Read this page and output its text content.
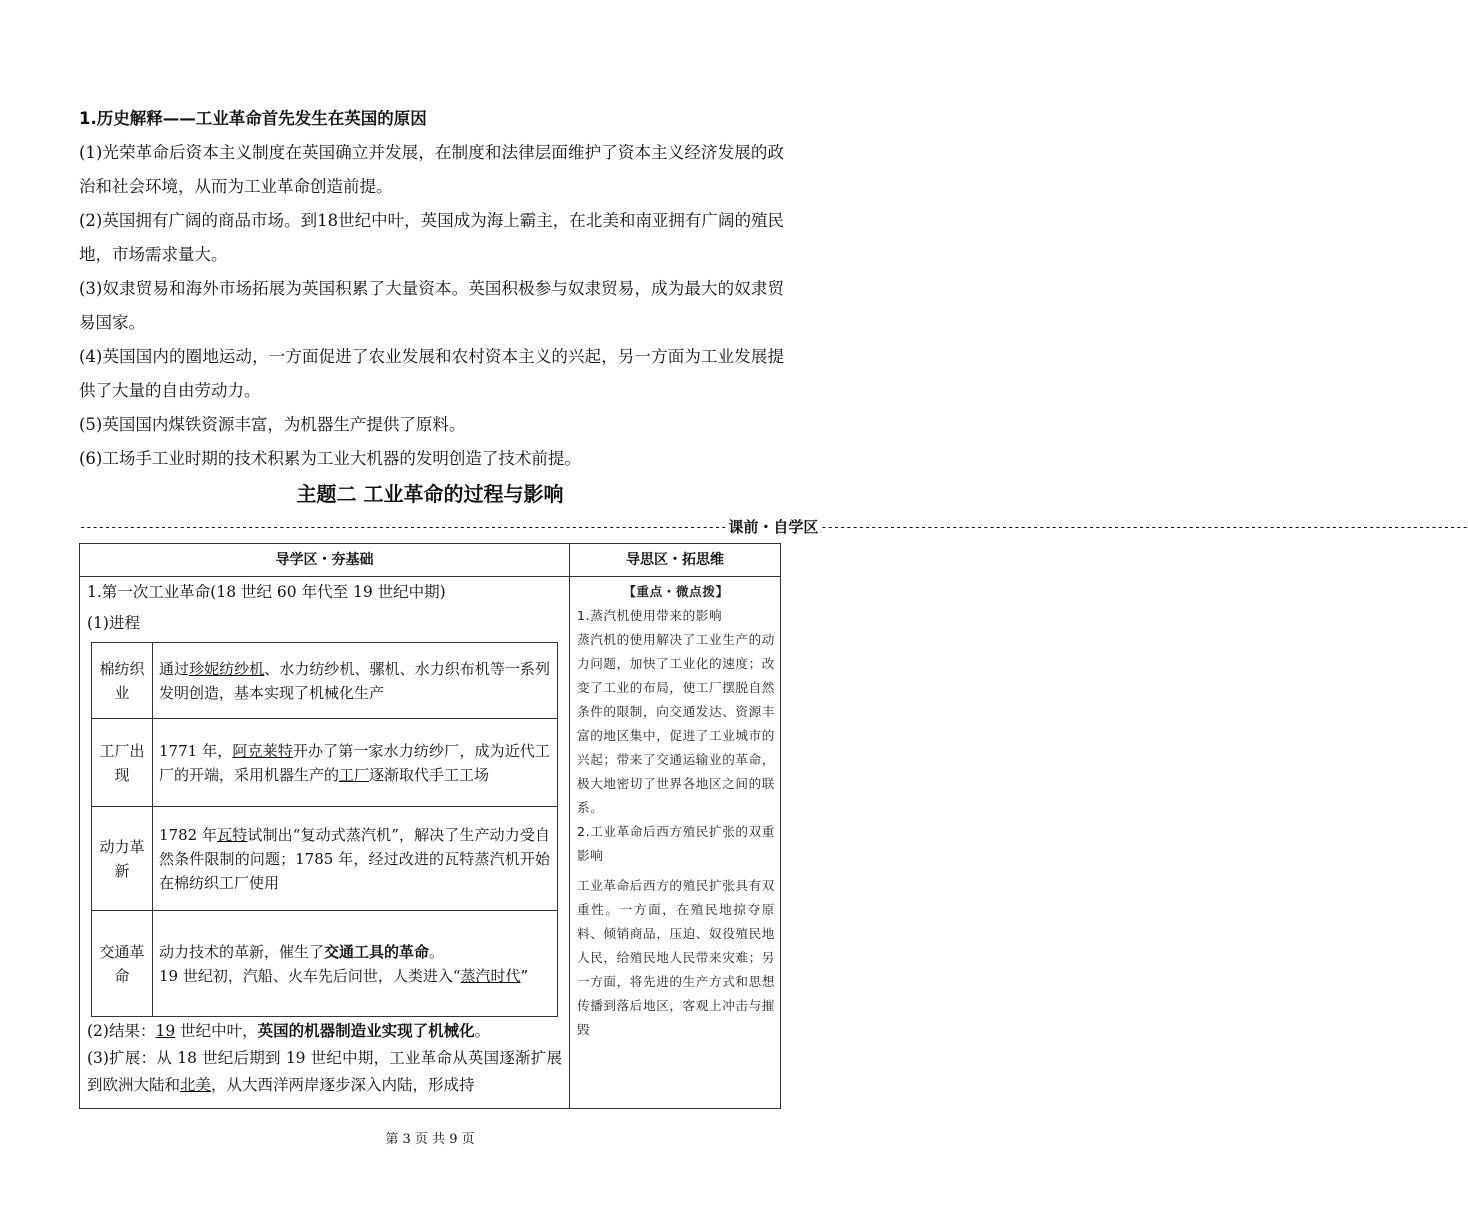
1.历史解释——工业革命首先发生在英国的原因

(1)光荣革命后资本主义制度在英国确立并发展，在制度和法律层面维护了资本主义经济发展的政治和社会环境，从而为工业革命创造前提。

(2)英国拥有广阔的商品市场。到18世纪中叶，英国成为海上霸主，在北美和南亚拥有广阔的殖民地，市场需求量大。

(3)奴隶贸易和海外市场拓展为英国积累了大量资本。英国积极参与奴隶贸易，成为最大的奴隶贸易国家。

(4)英国国内的圈地运动，一方面促进了农业发展和农村资本主义的兴起，另一方面为工业发展提供了大量的自由劳动力。

(5)英国国内煤铁资源丰富，为机器生产提供了原料。

(6)工场手工业时期的技术积累为工业大机器的发明创造了技术前提。

主题二 工业革命的过程与影响
-------------------------------------------------------------------------------------------------------- 课前・自学区 --------------------------------------------------------------------------------------------------------
导学区・夯基础	导思区・拓思维
1.第一次工业革命(18 世纪 60 年代至 19 世纪中期)
(1)进程
棉纺织业	通过珍妮纺纱机、水力纺纱机、骡机、水力织布机等一系列发明创造，基本实现了机械化生产
工厂出现	1771 年，阿克莱特开办了第一家水力纺纱厂，成为近代工厂的开端，采用机器生产的工厂逐渐取代手工工场
动力革新	1782 年瓦特试制出“复动式蒸汽机”，解决了生产动力受自然条件限制的问题；1785 年，经过改进的瓦特蒸汽机开始在棉纺织工厂使用
交通革命	动力技术的革新，催生了交通工具的革命。
19 世纪初，汽船、火车先后问世，人类进入“蒸汽时代”
(2)结果：19 世纪中叶，英国的机器制造业实现了机械化。
(3)扩展：从 18 世纪后期到 19 世纪中期，工业革命从英国逐渐扩展到欧洲大陆和北美，从大西洋两岸逐步深入内陆，形成持
【重点・微点拨】

1.蒸汽机使用带来的影响

蒸汽机的使用解决了工业生产的动力问题，加快了工业化的速度；改变了工业的布局，使工厂摆脱自然条件的限制，向交通发达、资源丰富的地区集中，促进了工业城市的兴起；带来了交通运输业的革命，极大地密切了世界各地区之间的联系。

2.工业革命后西方殖民扩张的双重影响

工业革命后西方的殖民扩张具有双重性。一方面，在殖民地掠夺原料、倾销商品，压迫、奴役殖民地人民，给殖民地人民带来灾难；另一方面，将先进的生产方式和思想传播到落后地区，客观上冲击与摧毁

第 3 页 共 9 页
